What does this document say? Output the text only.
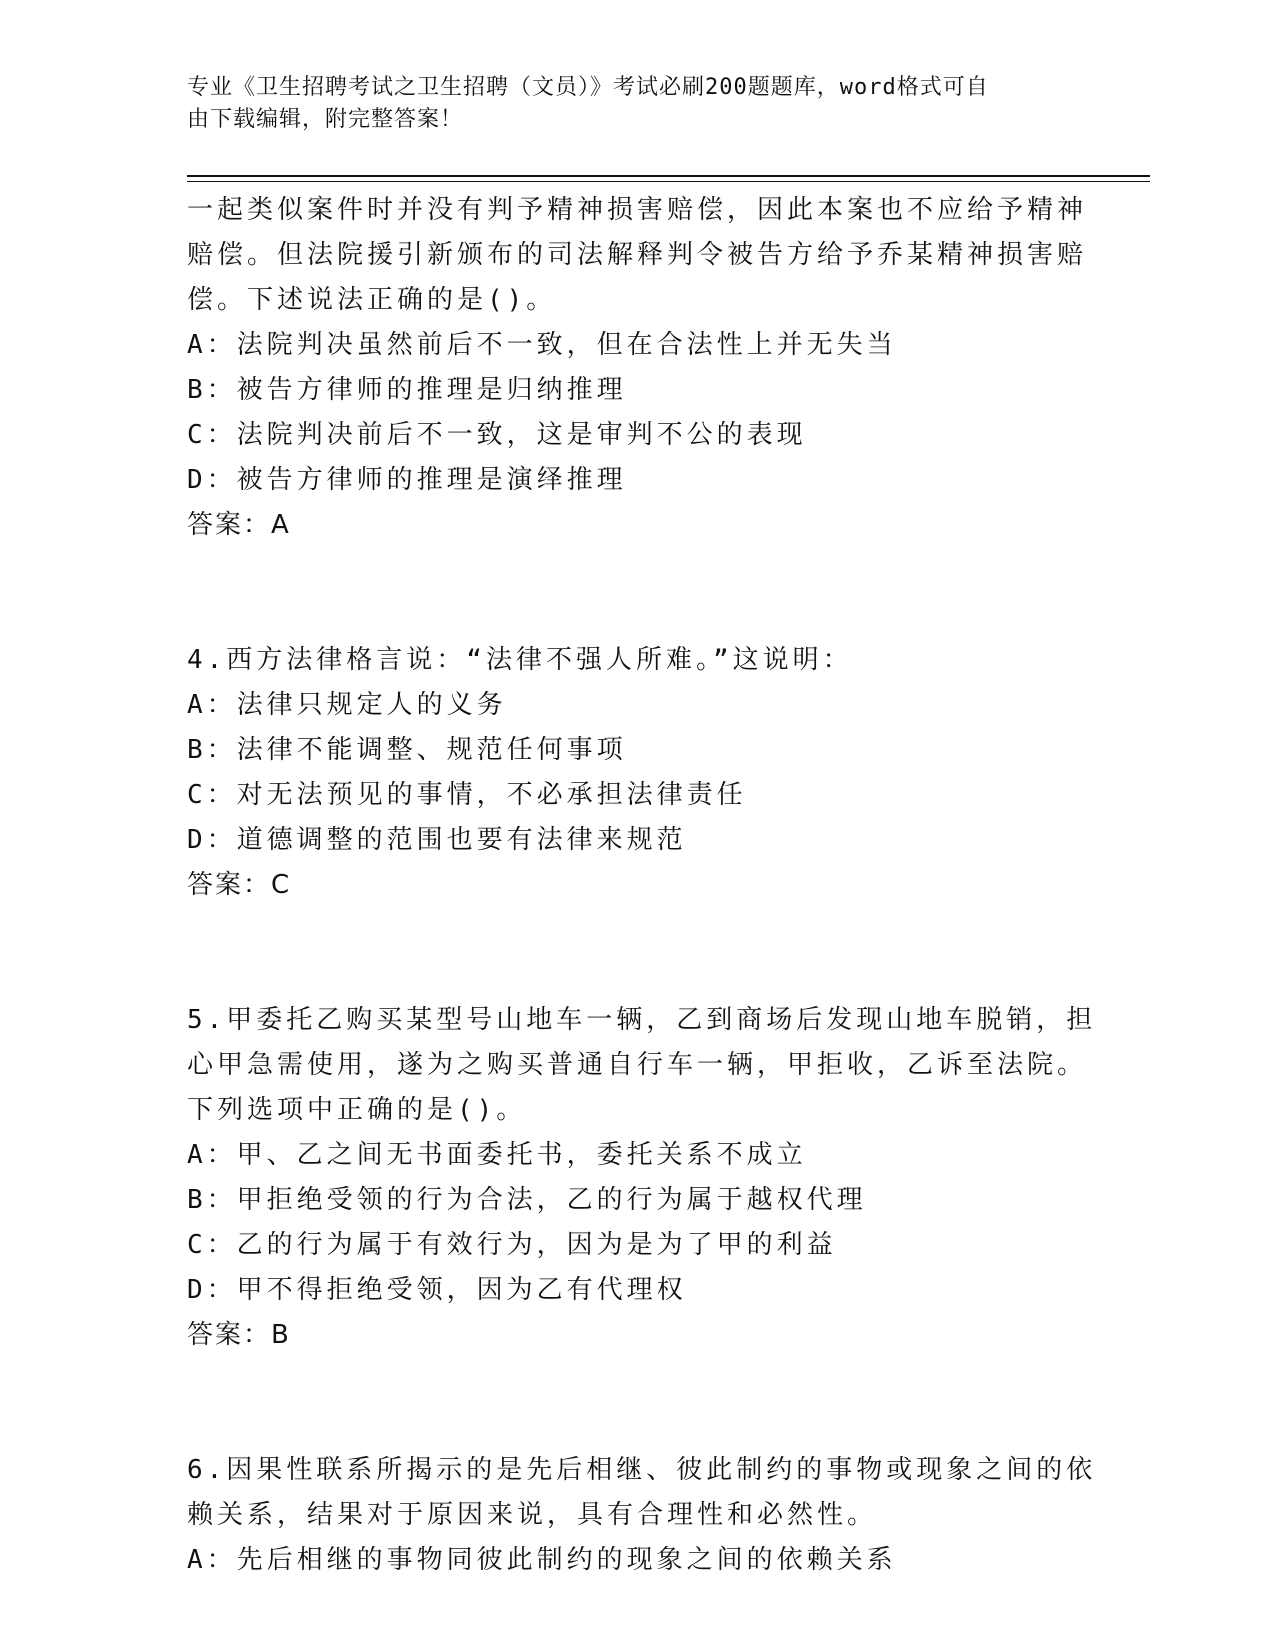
专业《卫生招聘考试之卫生招聘（文员）》考试必刷200题题库，word格式可自
由下载编辑，附完整答案！
一起类似案件时并没有判予精神损害赔偿，因此本案也不应给予精神
赔偿。但法院援引新颁布的司法解释判令被告方给予乔某精神损害赔
偿。下述说法正确的是()。
A：法院判决虽然前后不一致，但在合法性上并无失当
B：被告方律师的推理是归纳推理
C：法院判决前后不一致，这是审判不公的表现
D：被告方律师的推理是演绎推理
答案：A
4.西方法律格言说：“法律不强人所难。”这说明：
A：法律只规定人的义务
B：法律不能调整、规范任何事项
C：对无法预见的事情，不必承担法律责任
D：道德调整的范围也要有法律来规范
答案：C
5.甲委托乙购买某型号山地车一辆，乙到商场后发现山地车脱销，担
心甲急需使用，遂为之购买普通自行车一辆，甲拒收，乙诉至法院。
下列选项中正确的是()。
A：甲、乙之间无书面委托书，委托关系不成立
B：甲拒绝受领的行为合法，乙的行为属于越权代理
C：乙的行为属于有效行为，因为是为了甲的利益
D：甲不得拒绝受领，因为乙有代理权
答案：B
6.因果性联系所揭示的是先后相继、彼此制约的事物或现象之间的依
赖关系，结果对于原因来说，具有合理性和必然性。
A：先后相继的事物同彼此制约的现象之间的依赖关系
